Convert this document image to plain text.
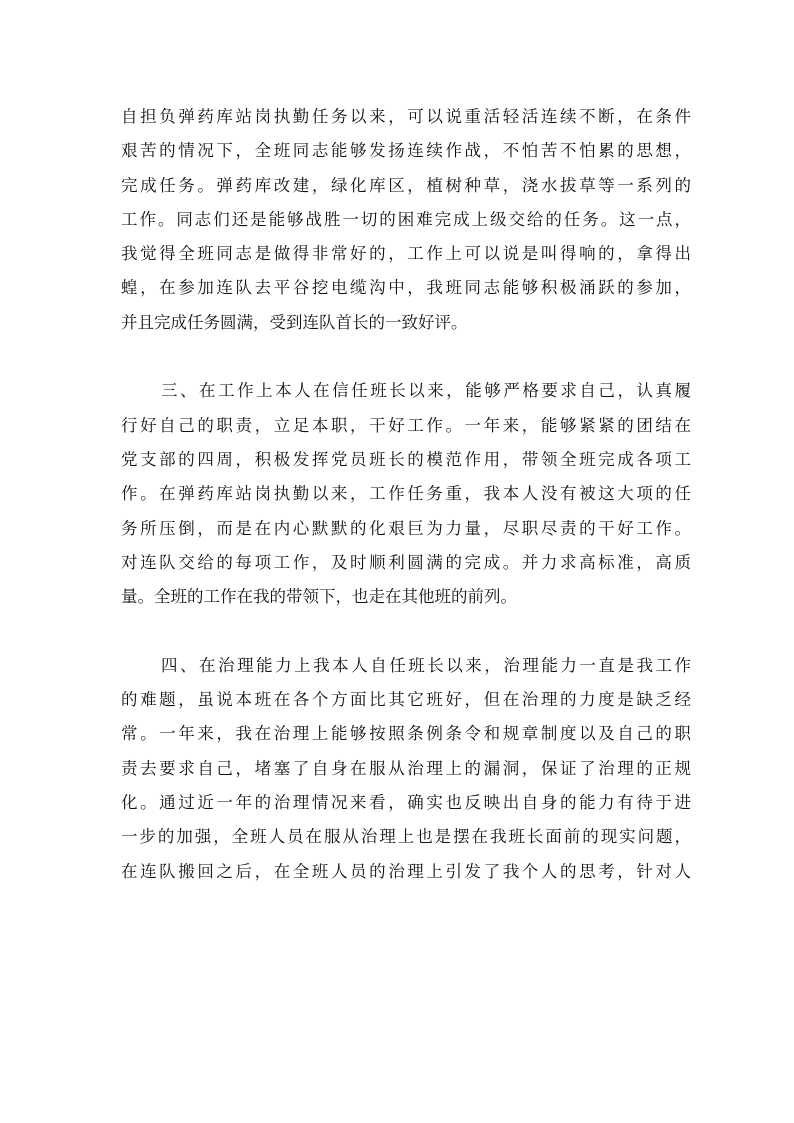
自担负弹药库站岗执勤任务以来，可以说重活轻活连续不断，在条件
艰苦的情况下，全班同志能够发扬连续作战，不怕苦不怕累的思想，
完成任务。弹药库改建，绿化库区，植树种草，浇水拔草等一系列的
工作。同志们还是能够战胜一切的困难完成上级交给的任务。这一点，
我觉得全班同志是做得非常好的，工作上可以说是叫得响的，拿得出
蝗，在参加连队去平谷挖电缆沟中，我班同志能够积极涌跃的参加，
并且完成任务圆满，受到连队首长的一致好评。
三、在工作上本人在信任班长以来，能够严格要求自己，认真履
行好自己的职责，立足本职，干好工作。一年来，能够紧紧的团结在
党支部的四周，积极发挥党员班长的模范作用，带领全班完成各项工
作。在弹药库站岗执勤以来，工作任务重，我本人没有被这大项的任
务所压倒，而是在内心默默的化艰巨为力量，尽职尽责的干好工作。
对连队交给的每项工作，及时顺利圆满的完成。并力求高标准，高质
量。全班的工作在我的带领下，也走在其他班的前列。
四、在治理能力上我本人自任班长以来，治理能力一直是我工作
的难题，虽说本班在各个方面比其它班好，但在治理的力度是缺乏经
常。一年来，我在治理上能够按照条例条令和规章制度以及自己的职
责去要求自己，堵塞了自身在服从治理上的漏洞，保证了治理的正规
化。通过近一年的治理情况来看，确实也反映出自身的能力有待于进
一步的加强，全班人员在服从治理上也是摆在我班长面前的现实问题，
在连队搬回之后，在全班人员的治理上引发了我个人的思考，针对人
